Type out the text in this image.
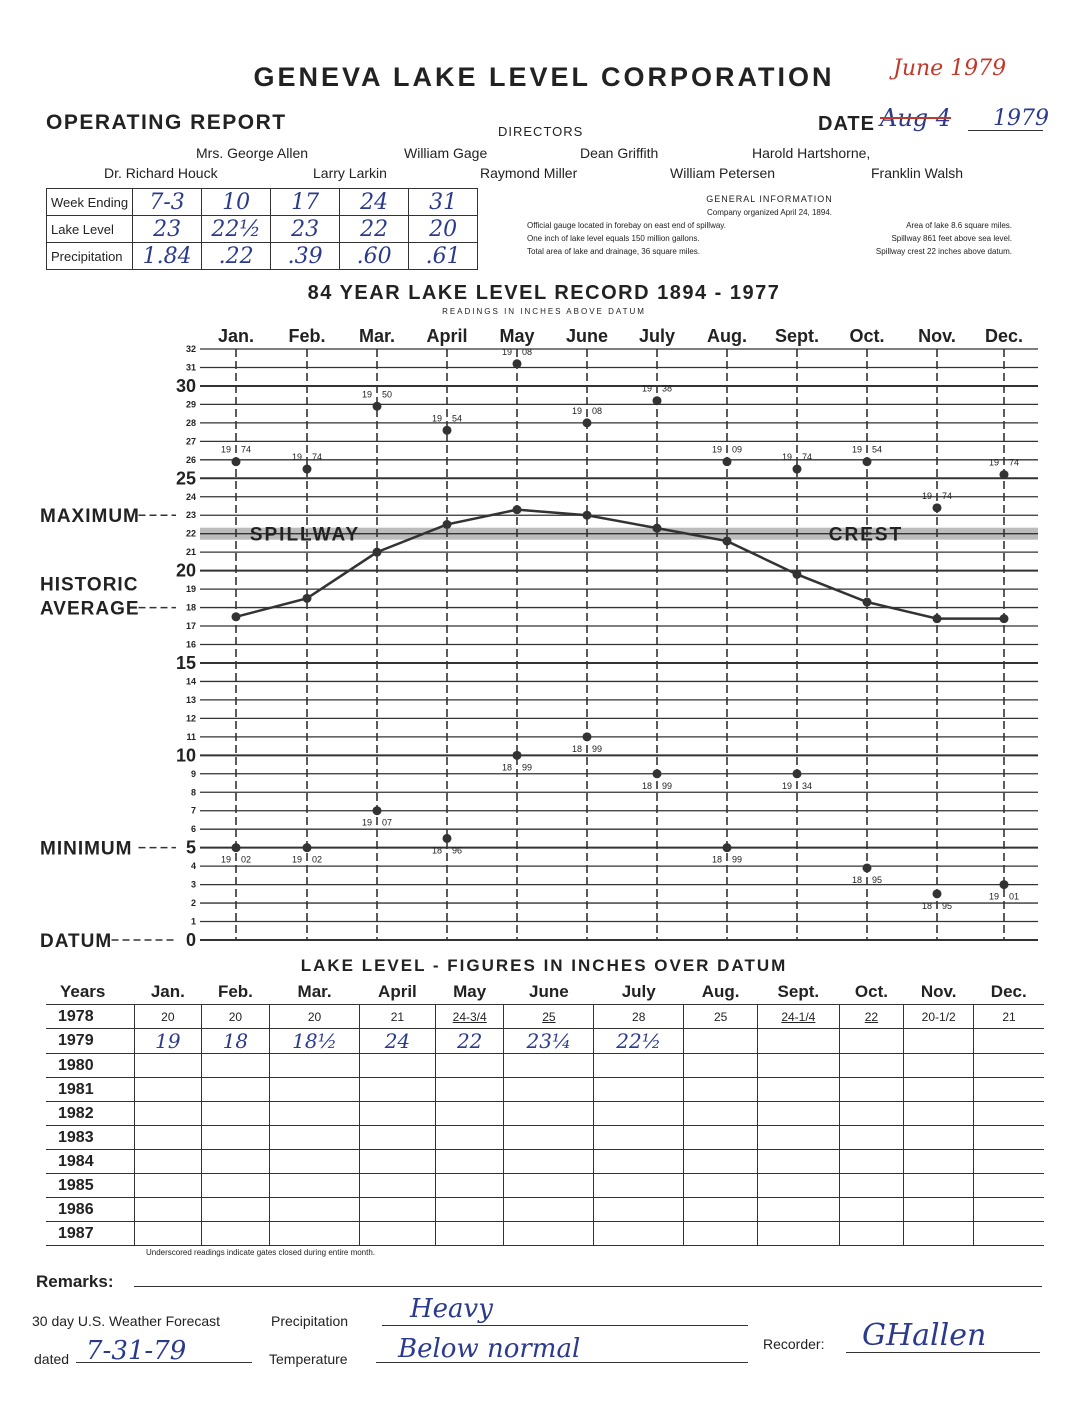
GENEVA LAKE LEVEL CORPORATION	June 1979
OPERATING REPORT	DIRECTORS	DATE Aug 4 1979
Mrs. George Allen	William Gage	Dean Griffith	Harold Hartshorne,
Dr. Richard Houck	Larry Larkin	Raymond Miller	William Petersen	Franklin Walsh
Week Ending	7-3	10	17	24	31
Lake Level	23	22½	23	22	20
Precipitation	1.84	.22	.39	.60	.61
GENERAL INFORMATION
Company organized April 24, 1894.
Official gauge located in forebay on east end of spillway.	Area of lake 8.6 square miles.
One inch of lake level equals 150 million gallons.	Spillway 861 feet above sea level.
Total area of lake and drainage, 36 square miles.	Spillway crest 22 inches above datum.
84 YEAR LAKE LEVEL RECORD 1894 - 1977
READINGS IN INCHES ABOVE DATUM
0
1
2
3
4
5
6
7
8
9
10
11
12
13
14
15
16
17
18
19
20
21
22
23
24
25
26
27
28
29
30
31
32
Jan. Feb. Mar. April May June July Aug. Sept. Oct. Nov. Dec.
SPILLWAY	CREST
19 74
19 74
19 50
19 54
19 08
19 08
19 38
19 09
19 74
19 54
19 74
19 74
19 02	19 02
19 07
18 96
18 99
18 99
18 99
18 99
19 34
18 95
18 95
19 01
MAXIMUM
HISTORIC
AVERAGE
MINIMUM
DATUM
LAKE LEVEL - FIGURES IN INCHES OVER DATUM
Years	Jan.	Feb.	Mar.	April	May	June	July	Aug.	Sept.	Oct.	Nov.	Dec.
1978	20	20	20	21	24-3/4	25	28	25	24-1/4	22	20-1/2	21
1979	19	18	18½	24	22	23¼	22½					
1980												
1981												
1982												
1983												
1984												
1985												
1986												
1987												
Underscored readings indicate gates closed during entire month.
Remarks:
30 day U.S. Weather Forecast
dated 7-31-79
Precipitation Heavy
Temperature Below normal	Recorder: GHallen
